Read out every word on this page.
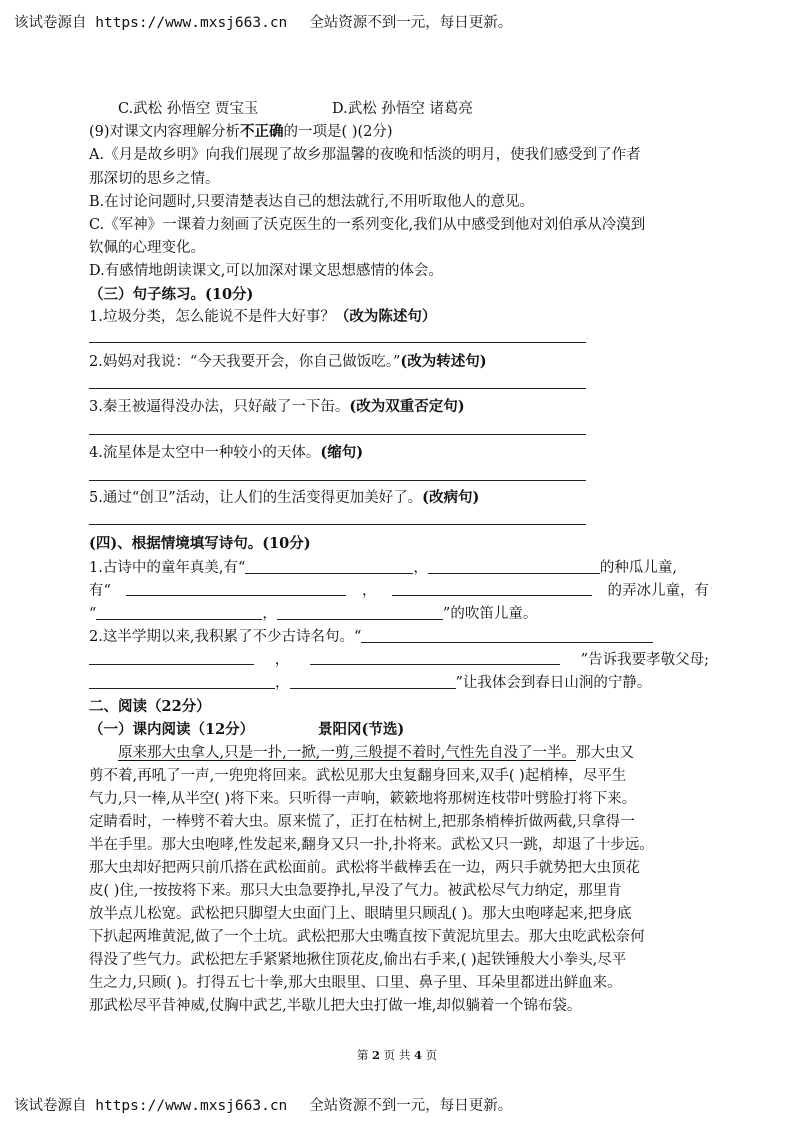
该试卷源自 https://www.mxsj663.cn 全站资源不到一元，每日更新。
C.武松 孙悟空 贾宝玉	D.武松 孙悟空 诸葛亮
(9)对课文内容理解分析不正确的一项是( )(2分)
A.《月是故乡明》向我们展现了故乡那温馨的夜晚和恬淡的明月，使我们感受到了作者
那深切的思乡之情。
B.在讨论问题时,只要清楚表达自己的想法就行,不用听取他人的意见。
C.《军神》一课着力刻画了沃克医生的一系列变化,我们从中感受到他对刘伯承从冷漠到
钦佩的心理变化。
D.有感情地朗读课文,可以加深对课文思想感情的体会。
（三）句子练习。(10分)
1.垃圾分类，怎么能说不是件大好事？（改为陈述句）
2.妈妈对我说：“今天我要开会，你自己做饭吃。”(改为转述句)
3.秦王被逼得没办法，只好敲了一下缶。(改为双重否定句)
4.流星体是太空中一种较小的天体。(缩句)
5.通过“创卫”活动，让人们的生活变得更加美好了。(改病句)
(四)、根据情境填写诗句。(10分)
1.古诗中的童年真美,有“	，	的种瓜儿童,
有“	，	的弄冰儿童，有
“	，	”的吹笛儿童。
2.这半学期以来,我积累了不少古诗名句。“
，	”告诉我要孝敬父母;
，	”让我体会到春日山涧的宁静。
二、阅读（22分）
（一）课内阅读（12分）	景阳冈(节选)
原来那大虫拿人,只是一扑,一掀,一剪,三般提不着时,气性先自没了一半。那大虫又
剪不着,再吼了一声,一兜兜将回来。武松见那大虫复翻身回来,双手( )起梢棒，尽平生
气力,只一棒,从半空( )将下来。只听得一声响，簌簌地将那树连枝带叶劈脸打将下来。
定睛看时，一棒劈不着大虫。原来慌了，正打在枯树上,把那条梢棒折做两截,只拿得一
半在手里。那大虫咆哮,性发起来,翻身又只一扑,扑将来。武松又只一跳，却退了十步远。
那大虫却好把两只前爪搭在武松面前。武松将半截棒丢在一边，两只手就势把大虫顶花
皮( )住,一按按将下来。那只大虫急要挣扎,早没了气力。被武松尽气力纳定，那里肯
放半点儿松宽。武松把只脚望大虫面门上、眼睛里只顾乱( )。那大虫咆哮起来,把身底
下扒起两堆黄泥,做了一个土坑。武松把那大虫嘴直按下黄泥坑里去。那大虫吃武松奈何
得没了些气力。武松把左手紧紧地揪住顶花皮,偷出右手来,( )起铁锤般大小拳头,尽平
生之力,只顾( )。打得五七十拳,那大虫眼里、口里、鼻子里、耳朵里都迸出鲜血来。
那武松尽平昔神威,仗胸中武艺,半歇儿把大虫打做一堆,却似躺着一个锦布袋。
第 2 页 共 4 页
该试卷源自 https://www.mxsj663.cn 全站资源不到一元，每日更新。
